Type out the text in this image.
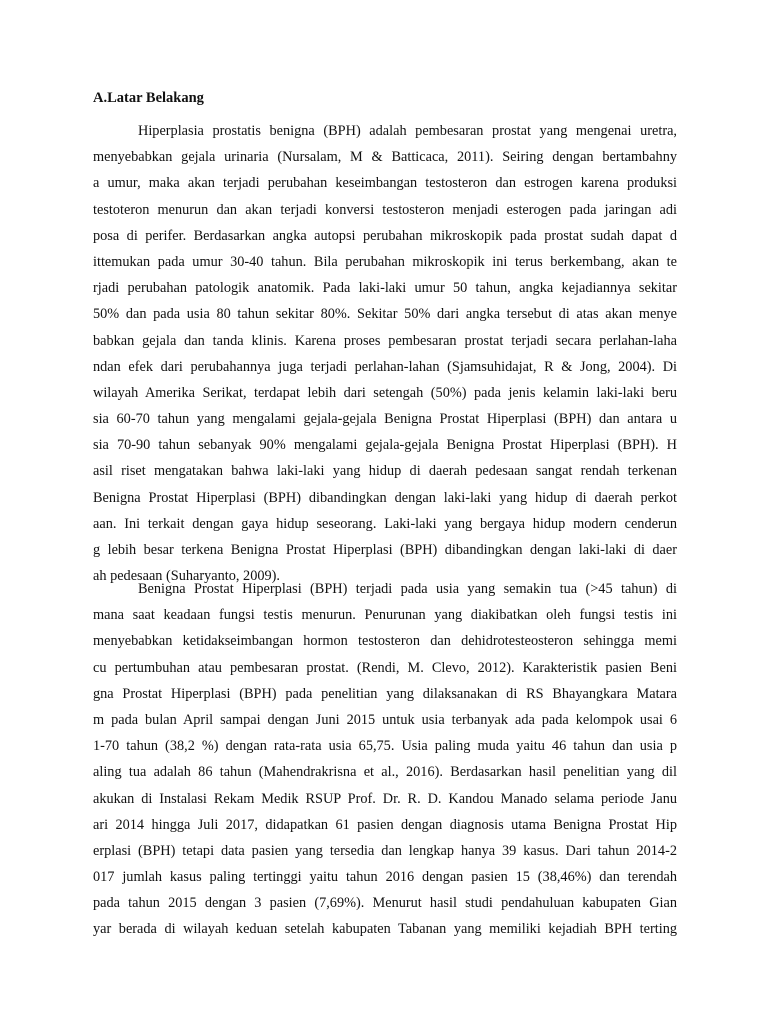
A.Latar Belakang
Hiperplasia prostatis benigna (BPH) adalah pembesaran prostat yang mengenai uretra,
menyebabkan gejala urinaria (Nursalam, M & Batticaca, 2011). Seiring dengan bertambahny
a umur, maka akan terjadi perubahan keseimbangan testosteron dan estrogen karena produksi
testoteron menurun dan akan terjadi konversi testosteron menjadi esterogen pada jaringan adi
posa di perifer. Berdasarkan angka autopsi perubahan mikroskopik pada prostat sudah dapat d
ittemukan pada umur 30-40 tahun. Bila perubahan mikroskopik ini terus berkembang, akan te
rjadi perubahan patologik anatomik. Pada laki-laki umur 50 tahun, angka kejadiannya sekitar
50% dan pada usia 80 tahun sekitar 80%. Sekitar 50% dari angka tersebut di atas akan menye
babkan gejala dan tanda klinis. Karena proses pembesaran prostat terjadi secara perlahan-laha
ndan efek dari perubahannya juga terjadi perlahan-lahan (Sjamsuhidajat, R & Jong, 2004). Di
wilayah Amerika Serikat, terdapat lebih dari setengah (50%) pada jenis kelamin laki-laki beru
sia 60-70 tahun yang mengalami gejala-gejala Benigna Prostat Hiperplasi (BPH) dan antara u
sia 70-90 tahun sebanyak 90% mengalami gejala-gejala Benigna Prostat Hiperplasi (BPH). H
asil riset mengatakan bahwa laki-laki yang hidup di daerah pedesaan sangat rendah terkenan
Benigna Prostat Hiperplasi (BPH) dibandingkan dengan laki-laki yang hidup di daerah perkot
aan. Ini terkait dengan gaya hidup seseorang. Laki-laki yang bergaya hidup modern cenderun
g lebih besar terkena Benigna Prostat Hiperplasi (BPH) dibandingkan dengan laki-laki di daer
ah pedesaan (Suharyanto, 2009).
Benigna Prostat Hiperplasi (BPH) terjadi pada usia yang semakin tua (>45 tahun) di
mana saat keadaan fungsi testis menurun. Penurunan yang diakibatkan oleh fungsi testis ini
menyebabkan ketidakseimbangan hormon testosteron dan dehidrotesteosteron sehingga memi
cu pertumbuhan atau pembesaran prostat. (Rendi, M. Clevo, 2012). Karakteristik pasien Beni
gna Prostat Hiperplasi (BPH) pada penelitian yang dilaksanakan di RS Bhayangkara Matara
m pada bulan April sampai dengan Juni 2015 untuk usia terbanyak ada pada kelompok usai 6
1-70 tahun (38,2 %) dengan rata-rata usia 65,75. Usia paling muda yaitu 46 tahun dan usia p
aling tua adalah 86 tahun (Mahendrakrisna et al., 2016). Berdasarkan hasil penelitian yang dil
akukan di Instalasi Rekam Medik RSUP Prof. Dr. R. D. Kandou Manado selama periode Janu
ari 2014 hingga Juli 2017, didapatkan 61 pasien dengan diagnosis utama Benigna Prostat Hip
erplasi (BPH) tetapi data pasien yang tersedia dan lengkap hanya 39 kasus. Dari tahun 2014-2
017 jumlah kasus paling tertinggi yaitu tahun 2016 dengan pasien 15 (38,46%) dan terendah
pada tahun 2015 dengan 3 pasien (7,69%). Menurut hasil studi pendahuluan kabupaten Gian
yar berada di wilayah keduan setelah kabupaten Tabanan yang memiliki kejadiah BPH terting
